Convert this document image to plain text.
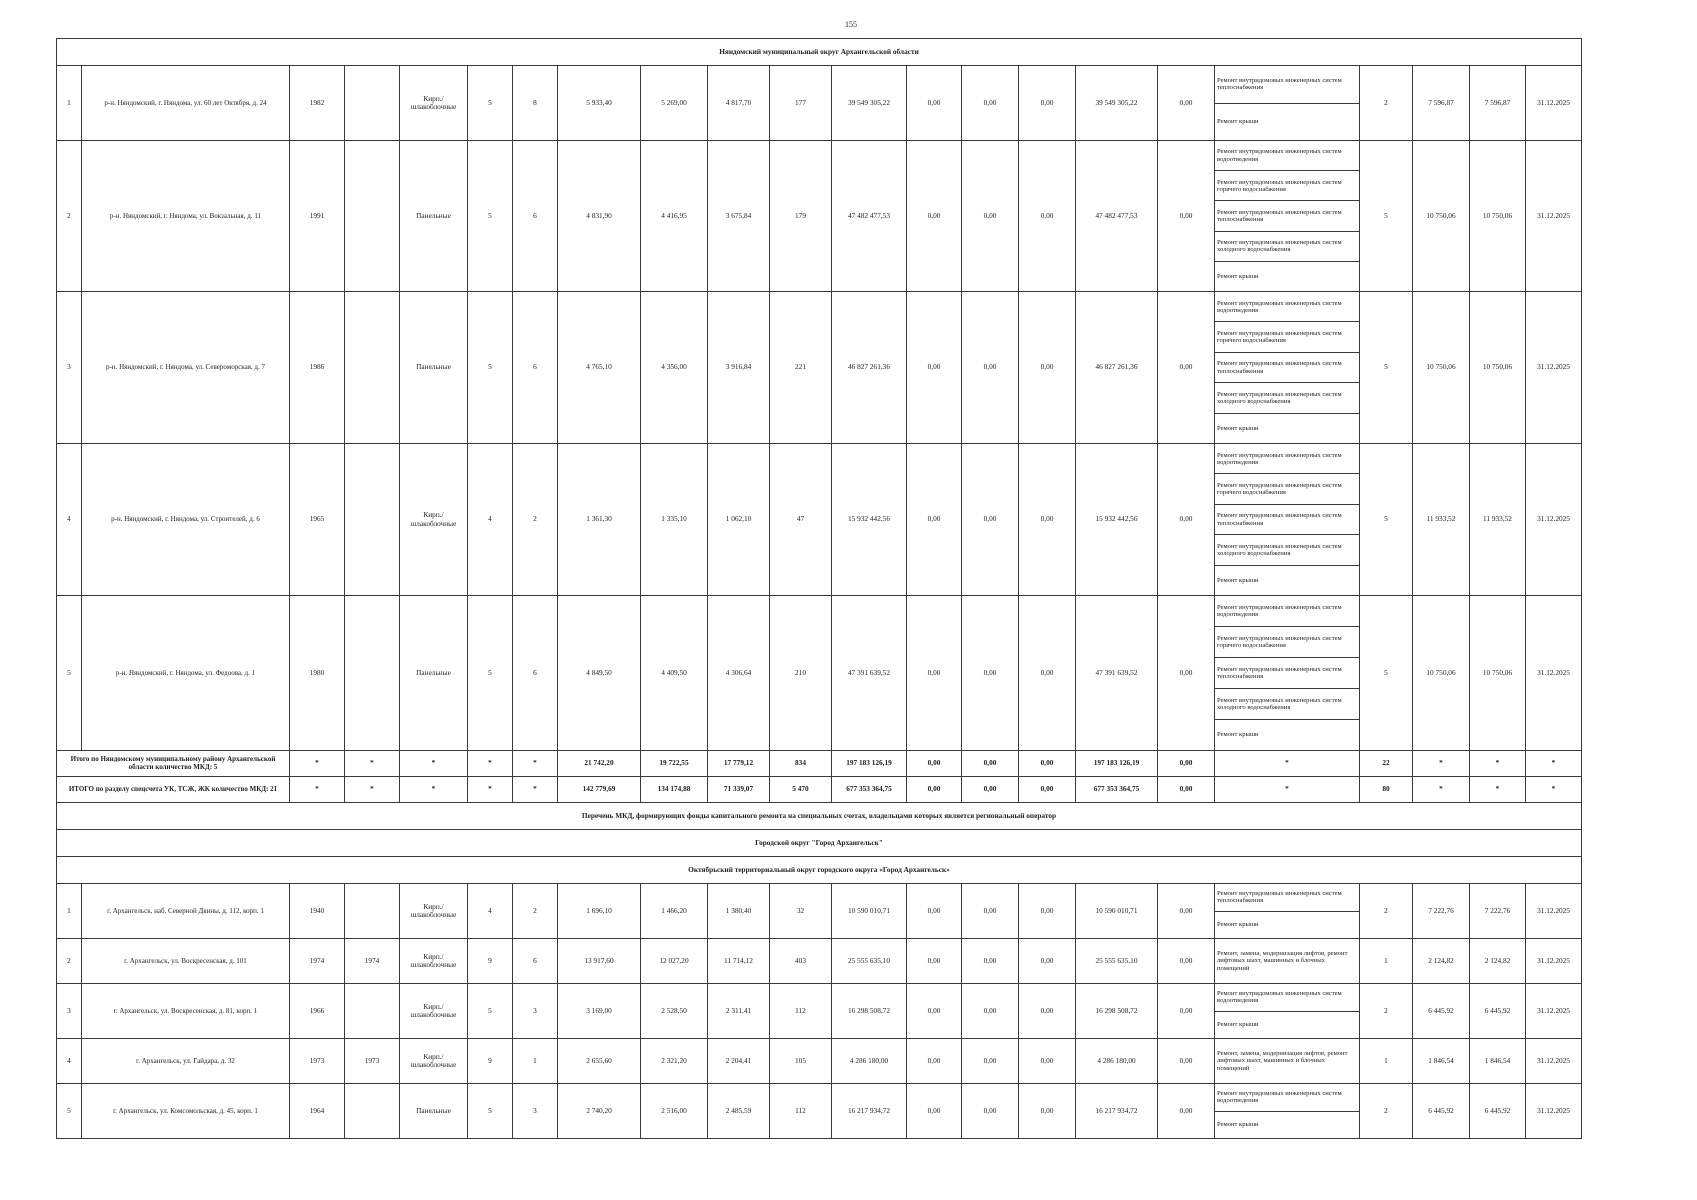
155
Няндомский муниципальный округ Архангельской области																					
1	р-н. Няндомский, г. Няндома, ул. 60 лет Октября, д. 24	1982		Кирп./ шлакоблочные	5	8	5 933,40	5 269,00	4 817,70	177	39 549 305,22	0,00	0,00	0,00	39 549 305,22	0,00	Ремонт внутридомовых инженерных систем теплоснабжения
Ремонт крыши	2	7 596,87	7 596,87	31.12.2025
2	р-н. Няндомский, г. Няндома, ул. Вокзальная, д. 11	1991		Панельные	5	6	4 831,90	4 416,95	3 675,84	179	47 482 477,53	0,00	0,00	0,00	47 482 477,53	0,00	Ремонт внутридомовых инженерных систем водоотведения
Ремонт внутридомовых инженерных систем горячего водоснабжения
Ремонт внутридомовых инженерных систем теплоснабжения
Ремонт внутридомовых инженерных систем холодного водоснабжения
Ремонт крыши	5	10 750,06	10 750,06	31.12.2025
3	р-н. Няндомский, г. Няндома, ул. Североморская, д. 7	1986		Панельные	5	6	4 765,10	4 356,00	3 916,84	221	46 827 261,36	0,00	0,00	0,00	46 827 261,36	0,00	Ремонт внутридомовых инженерных систем водоотведения
Ремонт внутридомовых инженерных систем горячего водоснабжения
Ремонт внутридомовых инженерных систем теплоснабжения
Ремонт внутридомовых инженерных систем холодного водоснабжения
Ремонт крыши	5	10 750,06	10 750,06	31.12.2025
4	р-н. Няндомский, г. Няндома, ул. Строителей, д. 6	1965		Кирп./ шлакоблочные	4	2	1 361,30	1 335,10	1 062,10	47	15 932 442,56	0,00	0,00	0,00	15 932 442,56	0,00	Ремонт внутридомовых инженерных систем водоотведения
Ремонт внутридомовых инженерных систем горячего водоснабжения
Ремонт внутридомовых инженерных систем теплоснабжения
Ремонт внутридомовых инженерных систем холодного водоснабжения
Ремонт крыши	5	11 933,52	11 933,52	31.12.2025
5	р-н. Няндомский, г. Няндома, ул. Федоова, д. 1	1980		Панельные	5	6	4 849,50	4 409,50	4 306,64	210	47 391 639,52	0,00	0,00	0,00	47 391 639,52	0,00	Ремонт внутридомовых инженерных систем водоотведения
Ремонт внутридомовых инженерных систем горячего водоснабжения
Ремонт внутридомовых инженерных систем теплоснабжения
Ремонт внутридомовых инженерных систем холодного водоснабжения
Ремонт крыши	5	10 750,06	10 750,06	31.12.2025
Итого по Няндомскому муниципальному району Архангельской области количество МКД: 5		*	*	*	*	*	21 742,20	19 722,55	17 779,12	834	197 183 126,19	0,00	0,00	0,00	197 183 126,19	0,00	*	22	*	*	*
ИТОГО по разделу спецсчета УК, ТСЖ, ЖК количество МКД: 21		*	*	*	*	*	142 779,69	134 174,88	71 339,07	5 470	677 353 364,75	0,00	0,00	0,00	677 353 364,75	0,00	*	80	*	*	*
Перечень МКД, формирующих фонды капитального ремонта на специальных счетах, владельцами которых является региональный оператор																					
Городской округ "Город Архангельск"																					
Октябрьский территориальный округ городского округа «Город Архангельск»																					
1	г. Архангельск, наб. Северной Двины, д. 112, корп. 1	1940		Кирп./ шлакоблочные	4	2	1 696,10	1 466,20	1 380,40	32	10 590 010,71	0,00	0,00	0,00	10 590 010,71	0,00	Ремонт внутридомовых инженерных систем теплоснабжения
Ремонт крыши	2	7 222,76	7 222,76	31.12.2025
2	г. Архангельск, ул. Воскресенская, д. 101	1974	1974	Кирп./ шлакоблочные	9	6	13 917,60	12 027,20	11 714,12	403	25 555 635,10	0,00	0,00	0,00	25 555 635,10	0,00	Ремонт, замена, модернизация лифтов, ремонт лифтовых шахт, машинных и блочных помещений	1	2 124,82	2 124,82	31.12.2025
3	г. Архангельск, ул. Воскресенская, д. 81, корп. 1	1966		Кирп./ шлакоблочные	5	3	3 169,00	2 528,50	2 311,41	112	16 298 508,72	0,00	0,00	0,00	16 298 508,72	0,00	Ремонт внутридомовых инженерных систем водоотведения
Ремонт крыши	2	6 445,92	6 445,92	31.12.2025
4	г. Архангельск, ул. Гайдара, д. 32	1973	1973	Кирп./ шлакоблочные	9	1	2 655,60	2 321,20	2 204,41	105	4 286 180,00	0,00	0,00	0,00	4 286 180,00	0,00	Ремонт, замена, модернизация лифтов, ремонт лифтовых шахт, машинных и блочных помещений	1	1 846,54	1 846,54	31.12.2025
5	г. Архангельск, ул. Комсомольская, д. 45, корп. 1	1964		Панельные	5	3	2 740,20	2 516,00	2 485,59	112	16 217 934,72	0,00	0,00	0,00	16 217 934,72	0,00	Ремонт внутридомовых инженерных систем водоотведения
Ремонт крыши	2	6 445,92	6 445,92	31.12.2025
